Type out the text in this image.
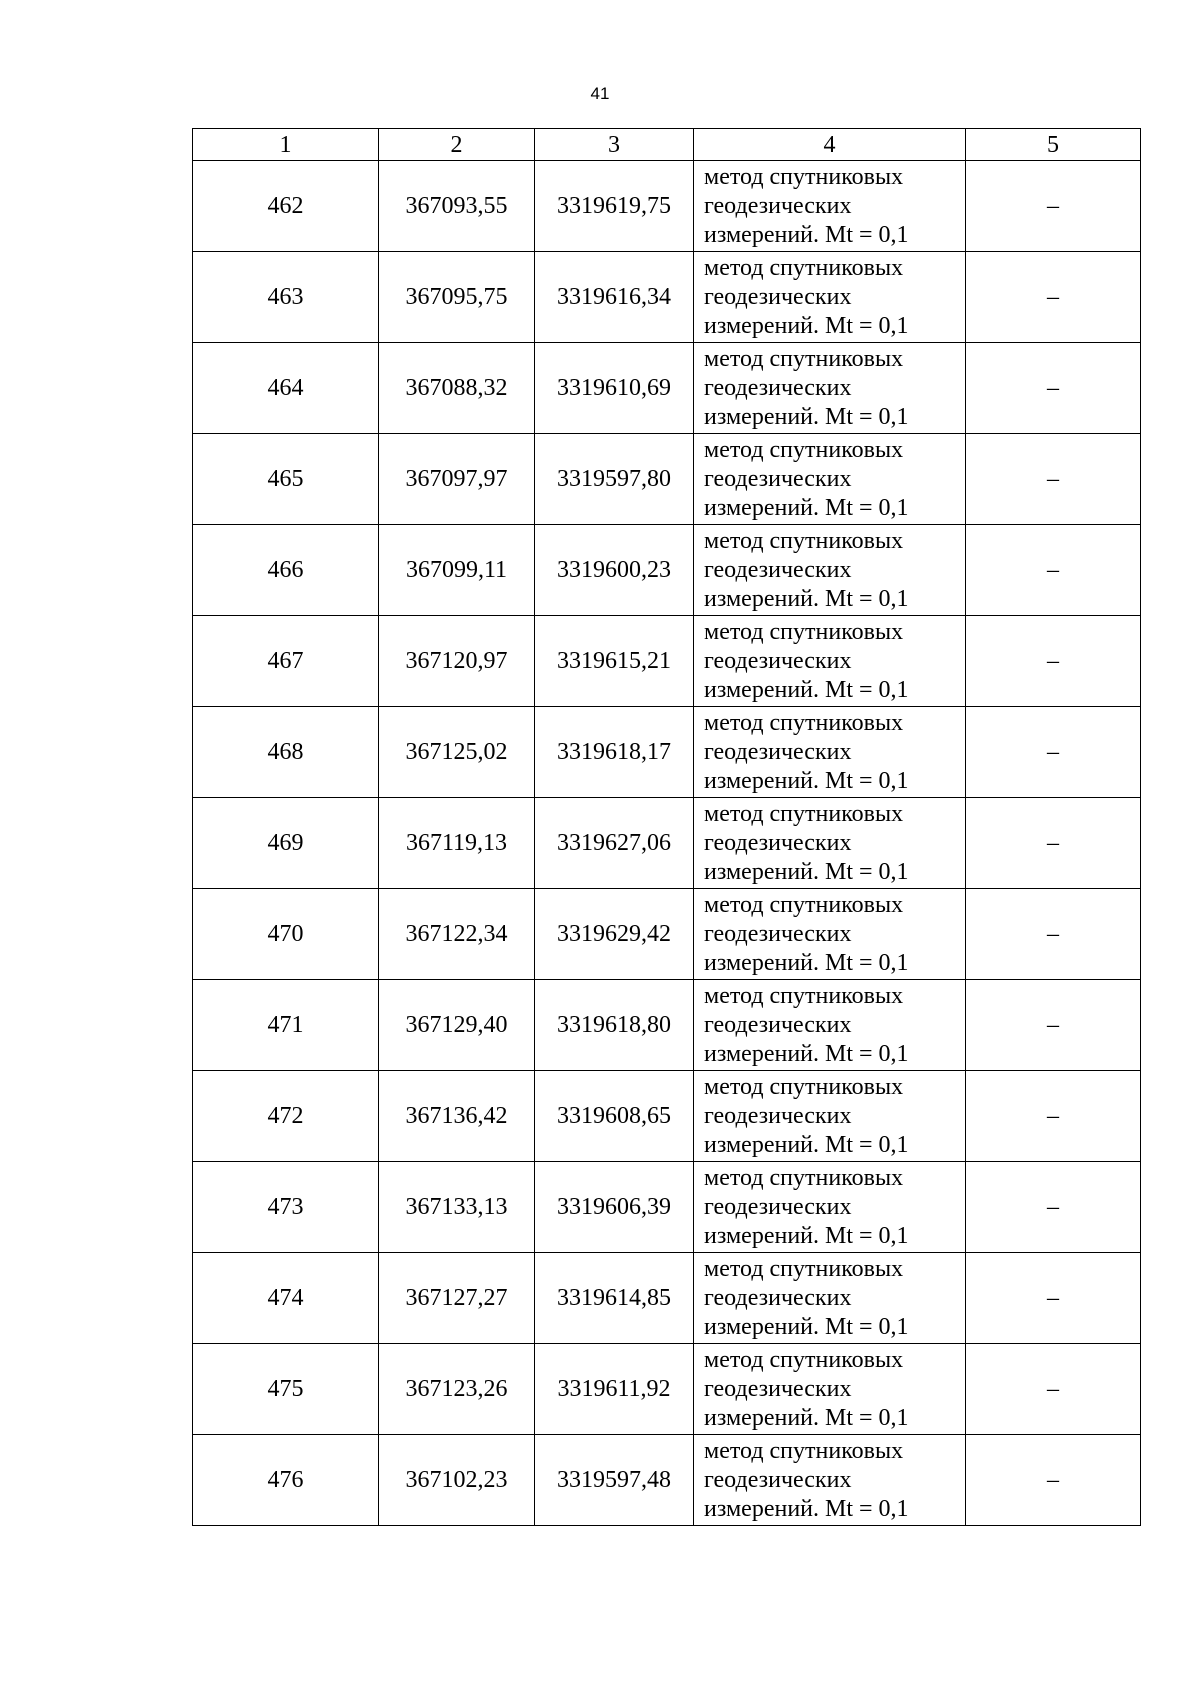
41
1	2	3	4	5
462	367093,55	3319619,75	метод спутниковых
геодезических
измерений. Mt = 0,1	–
463	367095,75	3319616,34	метод спутниковых
геодезических
измерений. Mt = 0,1	–
464	367088,32	3319610,69	метод спутниковых
геодезических
измерений. Mt = 0,1	–
465	367097,97	3319597,80	метод спутниковых
геодезических
измерений. Mt = 0,1	–
466	367099,11	3319600,23	метод спутниковых
геодезических
измерений. Mt = 0,1	–
467	367120,97	3319615,21	метод спутниковых
геодезических
измерений. Mt = 0,1	–
468	367125,02	3319618,17	метод спутниковых
геодезических
измерений. Mt = 0,1	–
469	367119,13	3319627,06	метод спутниковых
геодезических
измерений. Mt = 0,1	–
470	367122,34	3319629,42	метод спутниковых
геодезических
измерений. Mt = 0,1	–
471	367129,40	3319618,80	метод спутниковых
геодезических
измерений. Mt = 0,1	–
472	367136,42	3319608,65	метод спутниковых
геодезических
измерений. Mt = 0,1	–
473	367133,13	3319606,39	метод спутниковых
геодезических
измерений. Mt = 0,1	–
474	367127,27	3319614,85	метод спутниковых
геодезических
измерений. Mt = 0,1	–
475	367123,26	3319611,92	метод спутниковых
геодезических
измерений. Mt = 0,1	–
476	367102,23	3319597,48	метод спутниковых
геодезических
измерений. Mt = 0,1	–
